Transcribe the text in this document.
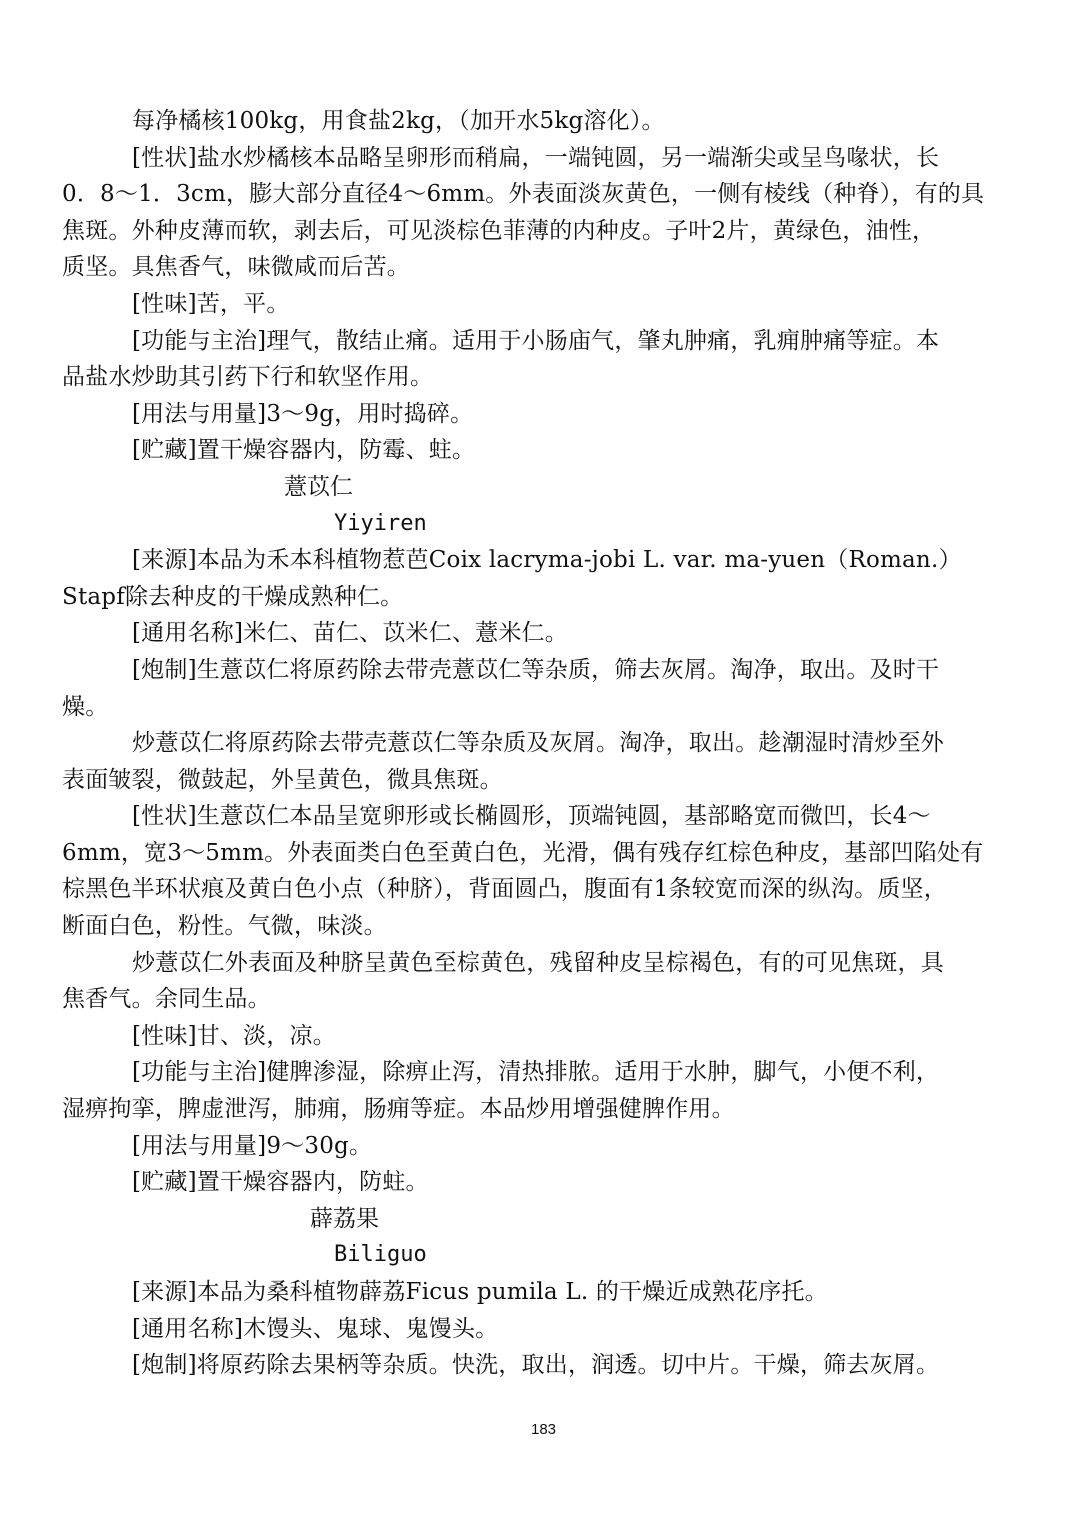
每净橘核100kg，用食盐2kg，（加开水5kg溶化）。
[性状]盐水炒橘核本品略呈卵形而稍扁，一端钝圆，另一端渐尖或呈鸟喙状，长
0．8～1．3cm，膨大部分直径4～6mm。外表面淡灰黄色，一侧有棱线（种脊），有的具
焦斑。外种皮薄而软，剥去后，可见淡棕色菲薄的内种皮。子叶2片，黄绿色，油性，
质坚。具焦香气，味微咸而后苦。
[性味]苦，平。
[功能与主治]理气，散结止痛。适用于小肠庙气，肇丸肿痛，乳痈肿痛等症。本
品盐水炒助其引药下行和软坚作用。
[用法与用量]3～9g，用时捣碎。
[贮藏]置干燥容器内，防霉、蛀。
薏苡仁
Yiyiren
[来源]本品为禾本科植物惹芭Coix lacryma-jobi L. var. ma-yuen（Roman.）
Stapf除去种皮的干燥成熟种仁。
[通用名称]米仁、苗仁、苡米仁、薏米仁。
[炮制]生薏苡仁将原药除去带壳薏苡仁等杂质，筛去灰屑。淘净，取出。及时干
燥。
炒薏苡仁将原药除去带壳薏苡仁等杂质及灰屑。淘净，取出。趁潮湿时清炒至外
表面皱裂，微鼓起，外呈黄色，微具焦斑。
[性状]生薏苡仁本品呈宽卵形或长椭圆形，顶端钝圆，基部略宽而微凹，长4～
6mm，宽3～5mm。外表面类白色至黄白色，光滑，偶有残存红棕色种皮，基部凹陷处有
棕黑色半环状痕及黄白色小点（种脐），背面圆凸，腹面有1条较宽而深的纵沟。质坚，
断面白色，粉性。气微，味淡。
炒薏苡仁外表面及种脐呈黄色至棕黄色，残留种皮呈棕褐色，有的可见焦斑，具
焦香气。余同生品。
[性味]甘、淡，凉。
[功能与主治]健脾渗湿，除痹止泻，清热排脓。适用于水肿，脚气，小便不利，
湿痹拘挛，脾虚泄泻，肺痈，肠痈等症。本品炒用增强健脾作用。
[用法与用量]9～30g。
[贮藏]置干燥容器内，防蛀。
薜荔果
Biliguo
[来源]本品为桑科植物薜荔Ficus pumila L. 的干燥近成熟花序托。
[通用名称]木馒头、鬼球、鬼馒头。
[炮制]将原药除去果柄等杂质。快洗，取出，润透。切中片。干燥，筛去灰屑。
183
